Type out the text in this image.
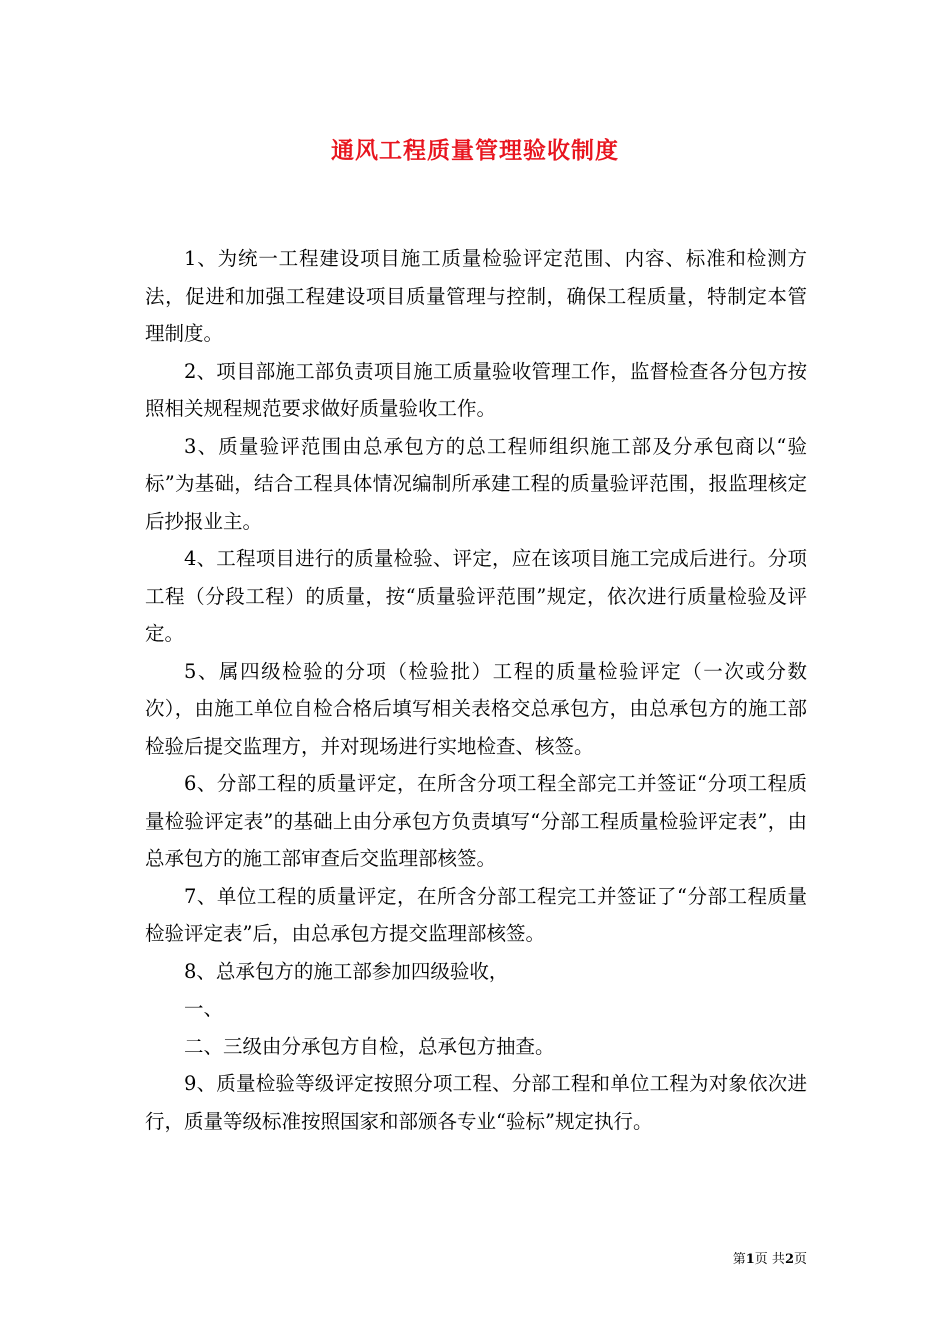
通风工程质量管理验收制度

1、为统一工程建设项目施工质量检验评定范围、内容、标准和检测方法，促进和加强工程建设项目质量管理与控制，确保工程质量，特制定本管理制度。

2、项目部施工部负责项目施工质量验收管理工作，监督检查各分包方按照相关规程规范要求做好质量验收工作。

3、质量验评范围由总承包方的总工程师组织施工部及分承包商以“验标”为基础，结合工程具体情况编制所承建工程的质量验评范围，报监理核定后抄报业主。

4、工程项目进行的质量检验、评定，应在该项目施工完成后进行。分项工程（分段工程）的质量，按“质量验评范围”规定，依次进行质量检验及评定。

5、属四级检验的分项（检验批）工程的质量检验评定（一次或分数次），由施工单位自检合格后填写相关表格交总承包方，由总承包方的施工部检验后提交监理方，并对现场进行实地检查、核签。

6、分部工程的质量评定，在所含分项工程全部完工并签证“分项工程质量检验评定表”的基础上由分承包方负责填写“分部工程质量检验评定表”，由总承包方的施工部审查后交监理部核签。

7、单位工程的质量评定，在所含分部工程完工并签证了“分部工程质量检验评定表”后，由总承包方提交监理部核签。

8、总承包方的施工部参加四级验收，

一、

二、三级由分承包方自检，总承包方抽查。

9、质量检验等级评定按照分项工程、分部工程和单位工程为对象依次进行，质量等级标准按照国家和部颁各专业“验标”规定执行。

第1页 共2页
